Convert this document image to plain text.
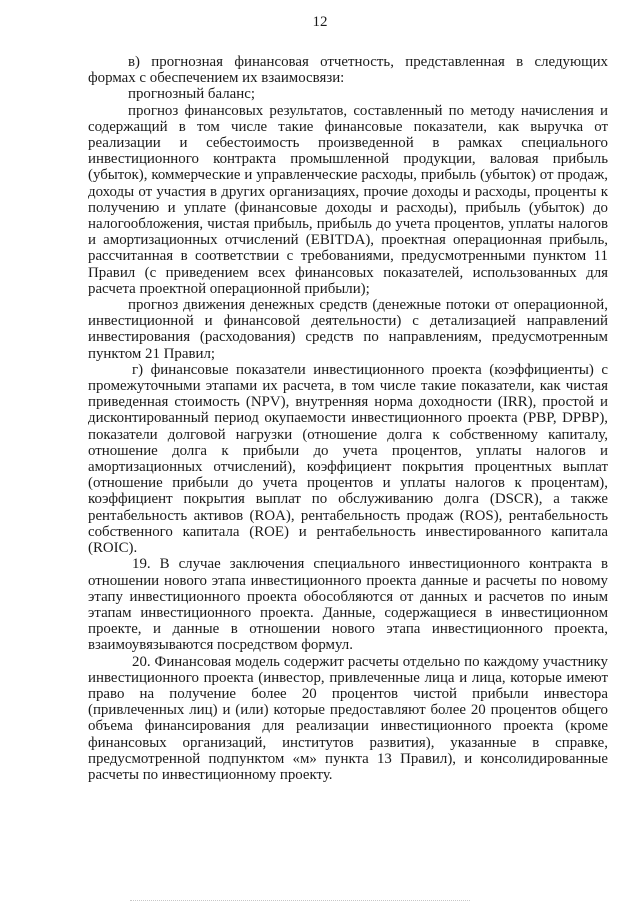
12

в) прогнозная финансовая отчетность, представленная в следующих формах с обеспечением их взаимосвязи:

прогнозный баланс;

прогноз финансовых результатов, составленный по методу начисления и содержащий в том числе такие финансовые показатели, как выручка от реализации и себестоимость произведенной в рамках специального инвестиционного контракта промышленной продукции, валовая прибыль (убыток), коммерческие и управленческие расходы, прибыль (убыток) от продаж, доходы от участия в других организациях, прочие доходы и расходы, проценты к получению и уплате (финансовые доходы и расходы), прибыль (убыток) до налогообложения, чистая прибыль, прибыль до учета процентов, уплаты налогов и амортизационных отчислений (EBITDA), проектная операционная прибыль, рассчитанная в соответствии с требованиями, предусмотренными пунктом 11 Правил (с приведением всех финансовых показателей, использованных для расчета проектной операционной прибыли);

прогноз движения денежных средств (денежные потоки от операционной, инвестиционной и финансовой деятельности) с детализацией направлений инвестирования (расходования) средств по направлениям, предусмотренным пунктом 21 Правил;

г) финансовые показатели инвестиционного проекта (коэффициенты) с промежуточными этапами их расчета, в том числе такие показатели, как чистая приведенная стоимость (NPV), внутренняя норма доходности (IRR), простой и дисконтированный период окупаемости инвестиционного проекта (PBP, DPBP), показатели долговой нагрузки (отношение долга к собственному капиталу, отношение долга к прибыли до учета процентов, уплаты налогов и амортизационных отчислений), коэффициент покрытия процентных выплат (отношение прибыли до учета процентов и уплаты налогов к процентам), коэффициент покрытия выплат по обслуживанию долга (DSCR), а также рентабельность активов (ROA), рентабельность продаж (ROS), рентабельность собственного капитала (ROE) и рентабельность инвестированного капитала (ROIC).

19. В случае заключения специального инвестиционного контракта в отношении нового этапа инвестиционного проекта данные и расчеты по новому этапу инвестиционного проекта обособляются от данных и расчетов по иным этапам инвестиционного проекта. Данные, содержащиеся в инвестиционном проекте, и данные в отношении нового этапа инвестиционного проекта, взаимоувязываются посредством формул.

20. Финансовая модель содержит расчеты отдельно по каждому участнику инвестиционного проекта (инвестор, привлеченные лица и лица, которые имеют право на получение более 20 процентов чистой прибыли инвестора (привлеченных лиц) и (или) которые предоставляют более 20 процентов общего объема финансирования для реализации инвестиционного проекта (кроме финансовых организаций, институтов развития), указанные в справке, предусмотренной подпунктом «м» пункта 13 Правил), и консолидированные расчеты по инвестиционному проекту.
